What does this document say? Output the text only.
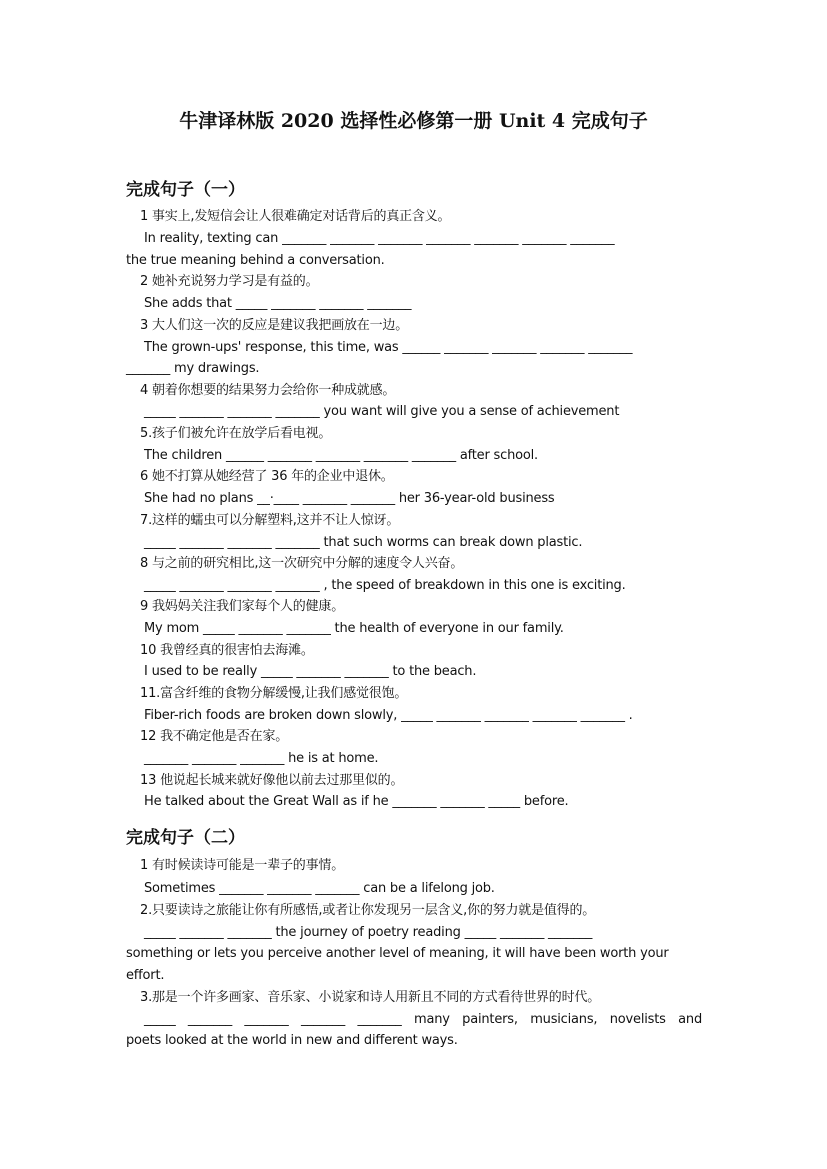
牛津译林版 2020 选择性必修第一册 Unit 4 完成句子
完成句子（一）
1 事实上,发短信会让人很难确定对话背后的真正含义。
In reality, texting can _______ _______ _______ _______ _______ _______ _______
the true meaning behind a conversation.
2 她补充说努力学习是有益的。
She adds that _____ _______ _______ _______
3 大人们这一次的反应是建议我把画放在一边。
The grown-ups' response, this time, was ______ _______ _______ _______ _______
_______ my drawings.
4 朝着你想要的结果努力会给你一种成就感。
_____ _______ _______ _______ you want will give you a sense of achievement
5.孩子们被允许在放学后看电视。
The children ______ _______ _______ _______ _______ after school.
6 她不打算从她经营了 36 年的企业中退休。
She had no plans __·____ _______ _______ her 36-year-old business
7.这样的蠕虫可以分解塑料,这并不让人惊讶。
_____ _______ _______ _______ that such worms can break down plastic.
8 与之前的研究相比,这一次研究中分解的速度令人兴奋。
_____ _______ _______ _______ , the speed of breakdown in this one is exciting.
9 我妈妈关注我们家每个人的健康。
My mom _____ _______ _______ the health of everyone in our family.
10 我曾经真的很害怕去海滩。
I used to be really _____ _______ _______ to the beach.
11.富含纤维的食物分解缓慢,让我们感觉很饱。
Fiber-rich foods are broken down slowly, _____ _______ _______ _______ _______ .
12 我不确定他是否在家。
_______ _______ _______ he is at home.
13 他说起长城来就好像他以前去过那里似的。
He talked about the Great Wall as if he _______ _______ _____ before.
完成句子（二）
1 有时候读诗可能是一辈子的事情。
Sometimes _______ _______ _______ can be a lifelong job.
2.只要读诗之旅能让你有所感悟,或者让你发现另一层含义,你的努力就是值得的。
_____ _______ _______ the journey of poetry reading _____ _______ _______
something or lets you perceive another level of meaning, it will have been worth your
effort.
3.那是一个许多画家、音乐家、小说家和诗人用新且不同的方式看待世界的时代。
_____ _______ _______ _______ _______ many painters, musicians, novelists and
poets looked at the world in new and different ways.
